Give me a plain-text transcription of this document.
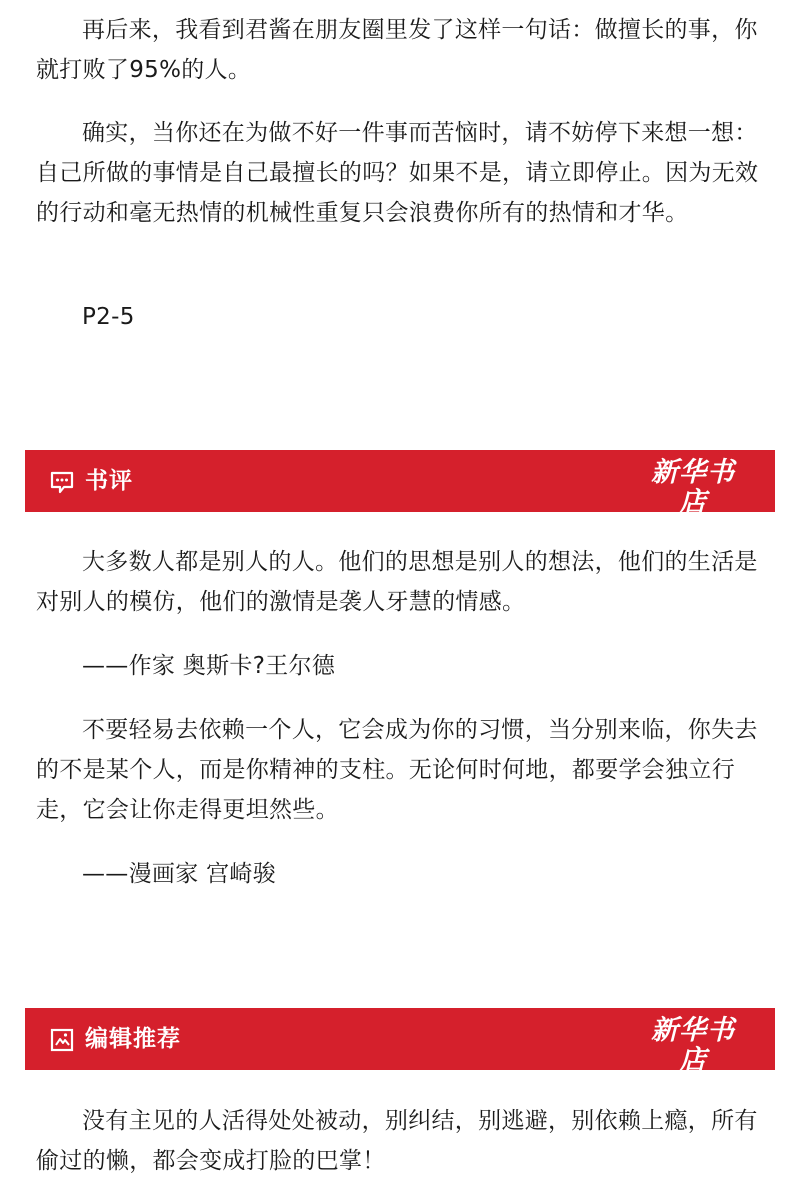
再后来，我看到君酱在朋友圈里发了这样一句话：做擅长的事，你就打败了95%的人。

确实，当你还在为做不好一件事而苦恼时，请不妨停下来想一想：自己所做的事情是自己最擅长的吗？如果不是，请立即停止。因为无效的行动和毫无热情的机械性重复只会浪费你所有的热情和才华。

P2-5

书评	新华书店
XINHUA BOOKSTORE

大多数人都是别人的人。他们的思想是别人的想法，他们的生活是对别人的模仿，他们的激情是袭人牙慧的情感。

——作家 奥斯卡?王尔德

不要轻易去依赖一个人，它会成为你的习惯，当分别来临，你失去的不是某个人，而是你精神的支柱。无论何时何地，都要学会独立行走，它会让你走得更坦然些。

——漫画家 宫崎骏

编辑推荐	新华书店
XINHUA BOOKSTORE

没有主见的人活得处处被动，别纠结，别逃避，别依赖上瘾，所有偷过的懒，都会变成打脸的巴掌！
